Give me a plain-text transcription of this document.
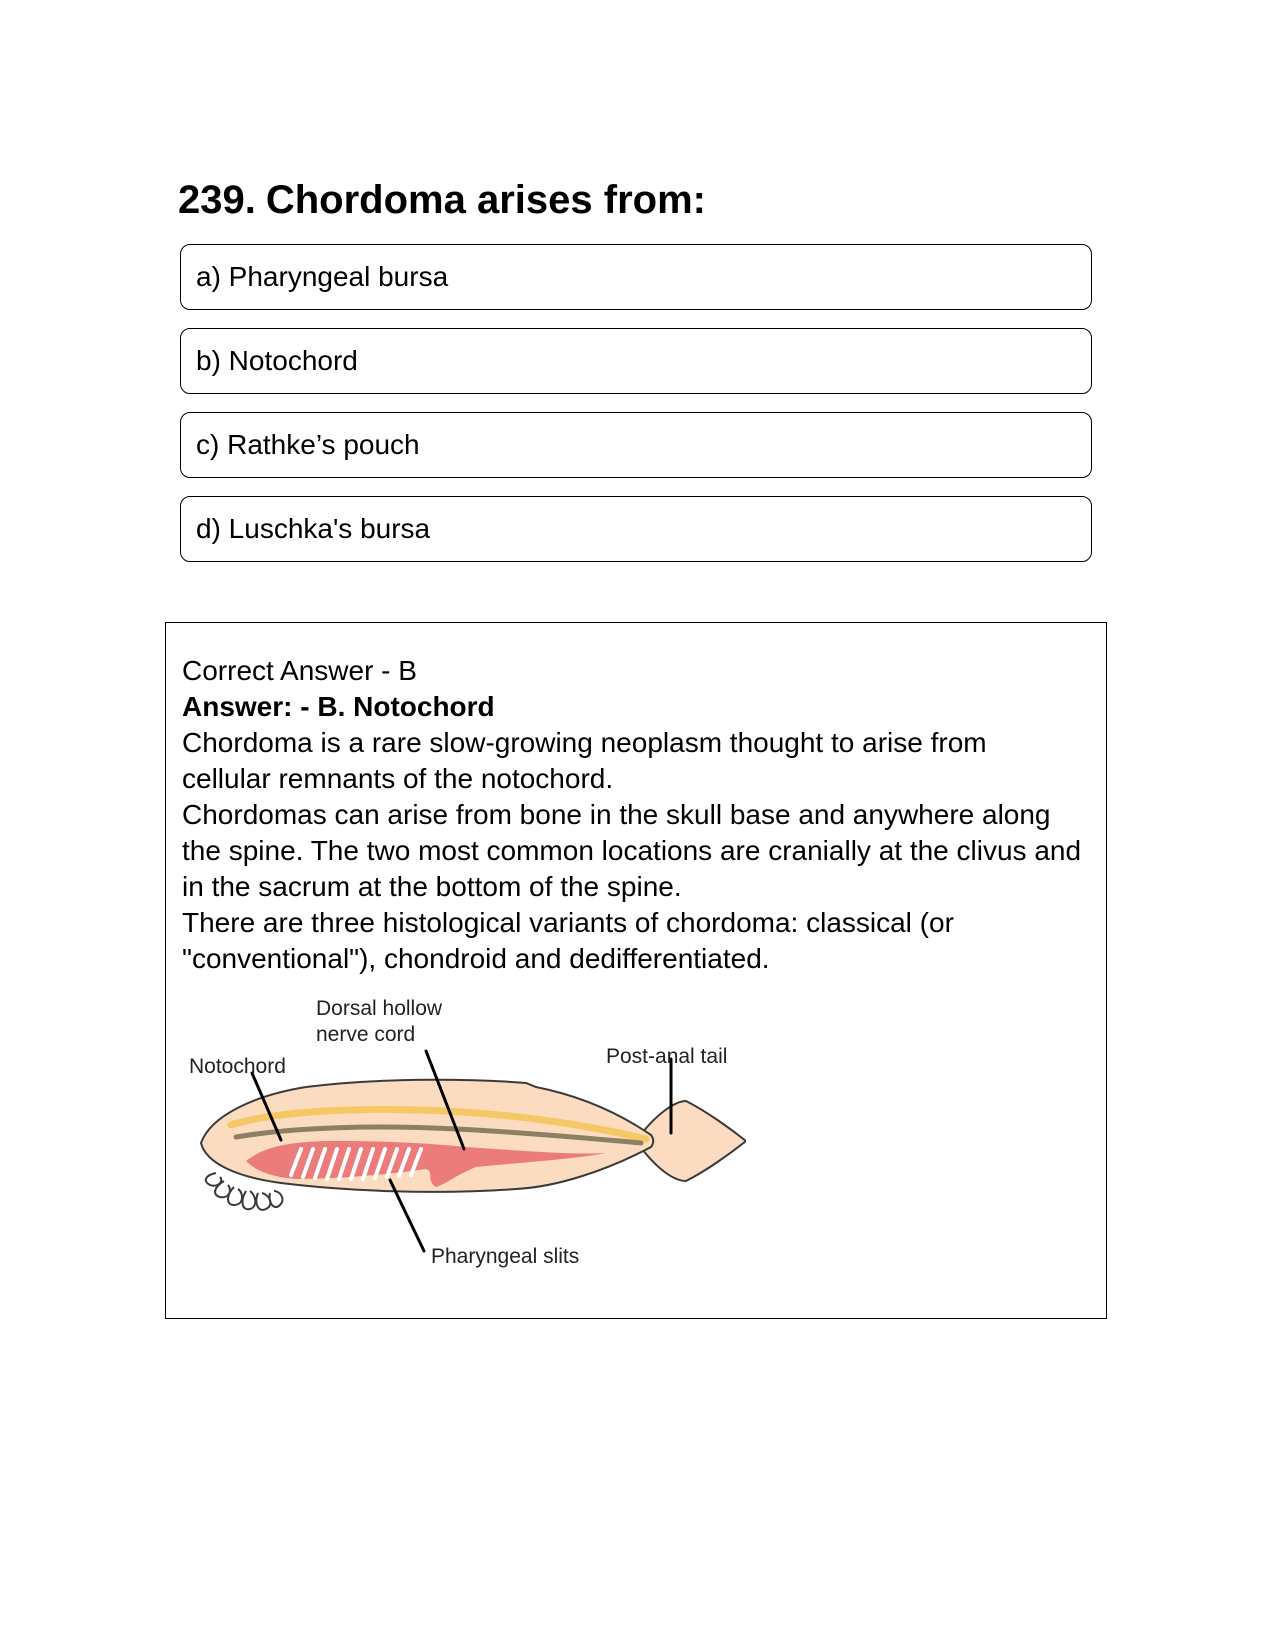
239. Chordoma arises from:
a) Pharyngeal bursa
b) Notochord
c) Rathke’s pouch
d) Luschka's bursa

Correct Answer - B

Answer: - B. Notochord

Chordoma is a rare slow-growing neoplasm thought to arise from cellular remnants of the notochord.

Chordomas can arise from bone in the skull base and anywhere along the spine. The two most common locations are cranially at the clivus and in the sacrum at the bottom of the spine.

There are three histological variants of chordoma: classical (or "conventional"), chondroid and dedifferentiated.

Dorsal hollow
nerve cord
Notochord	Post-anal tail
Pharyngeal slits
